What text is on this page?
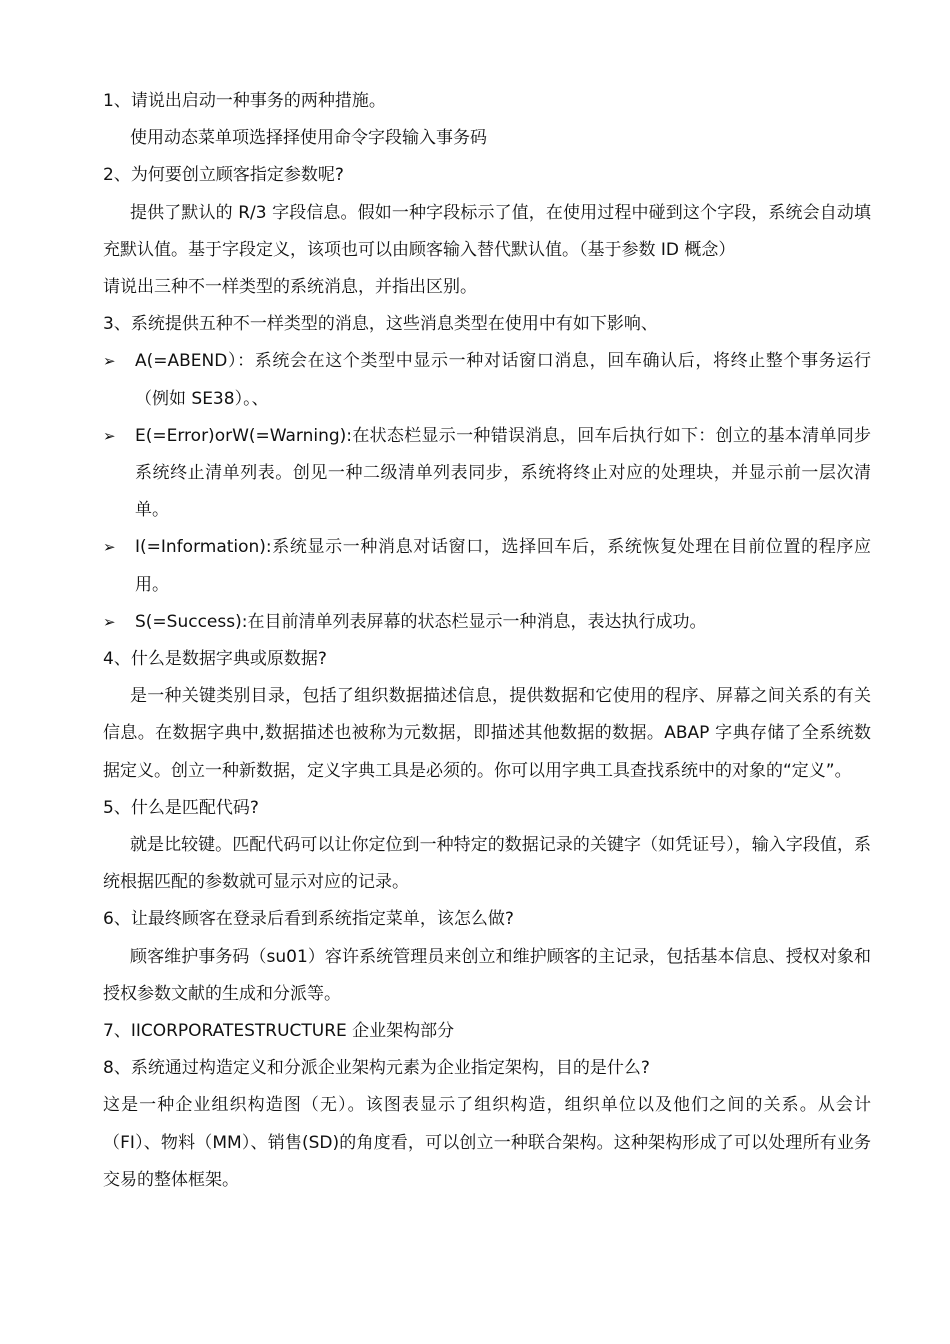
1、请说出启动一种事务的两种措施。

使用动态菜单项选择择使用命令字段输入事务码

2、为何要创立顾客指定参数呢?

提供了默认的 R/3 字段信息。假如一种字段标示了值，在使用过程中碰到这个字段，系统会自动填充默认值。基于字段定义，该项也可以由顾客输入替代默认值。（基于参数 ID 概念）

请说出三种不一样类型的系统消息，并指出区别。

3、系统提供五种不一样类型的消息，这些消息类型在使用中有如下影响、

➢ A(=ABEND）：系统会在这个类型中显示一种对话窗口消息，回车确认后，将终止整个事务运行（例如 SE38）。、

➢ E(=Error)orW(=Warning):在状态栏显示一种错误消息，回车后执行如下：创立的基本清单同步系统终止清单列表。创见一种二级清单列表同步，系统将终止对应的处理块，并显示前一层次清单。

➢ I(=Information):系统显示一种消息对话窗口，选择回车后，系统恢复处理在目前位置的程序应用。

➢ S(=Success):在目前清单列表屏幕的状态栏显示一种消息，表达执行成功。

4、什么是数据字典或原数据?

是一种关键类别目录，包括了组织数据描述信息，提供数据和它使用的程序、屏幕之间关系的有关信息。在数据字典中,数据描述也被称为元数据，即描述其他数据的数据。ABAP 字典存储了全系统数据定义。创立一种新数据，定义字典工具是必须的。你可以用字典工具查找系统中的对象的“定义”。

5、什么是匹配代码?

就是比较键。匹配代码可以让你定位到一种特定的数据记录的关键字（如凭证号），输入字段值，系统根据匹配的参数就可显示对应的记录。

6、让最终顾客在登录后看到系统指定菜单，该怎么做?

顾客维护事务码（su01）容许系统管理员来创立和维护顾客的主记录，包括基本信息、授权对象和授权参数文献的生成和分派等。

7、IICORPORATESTRUCTURE 企业架构部分

8、系统通过构造定义和分派企业架构元素为企业指定架构，目的是什么?

这是一种企业组织构造图（无）。该图表显示了组织构造，组织单位以及他们之间的关系。从会计（FI）、物料（MM）、销售(SD)的角度看，可以创立一种联合架构。这种架构形成了可以处理所有业务交易的整体框架。
